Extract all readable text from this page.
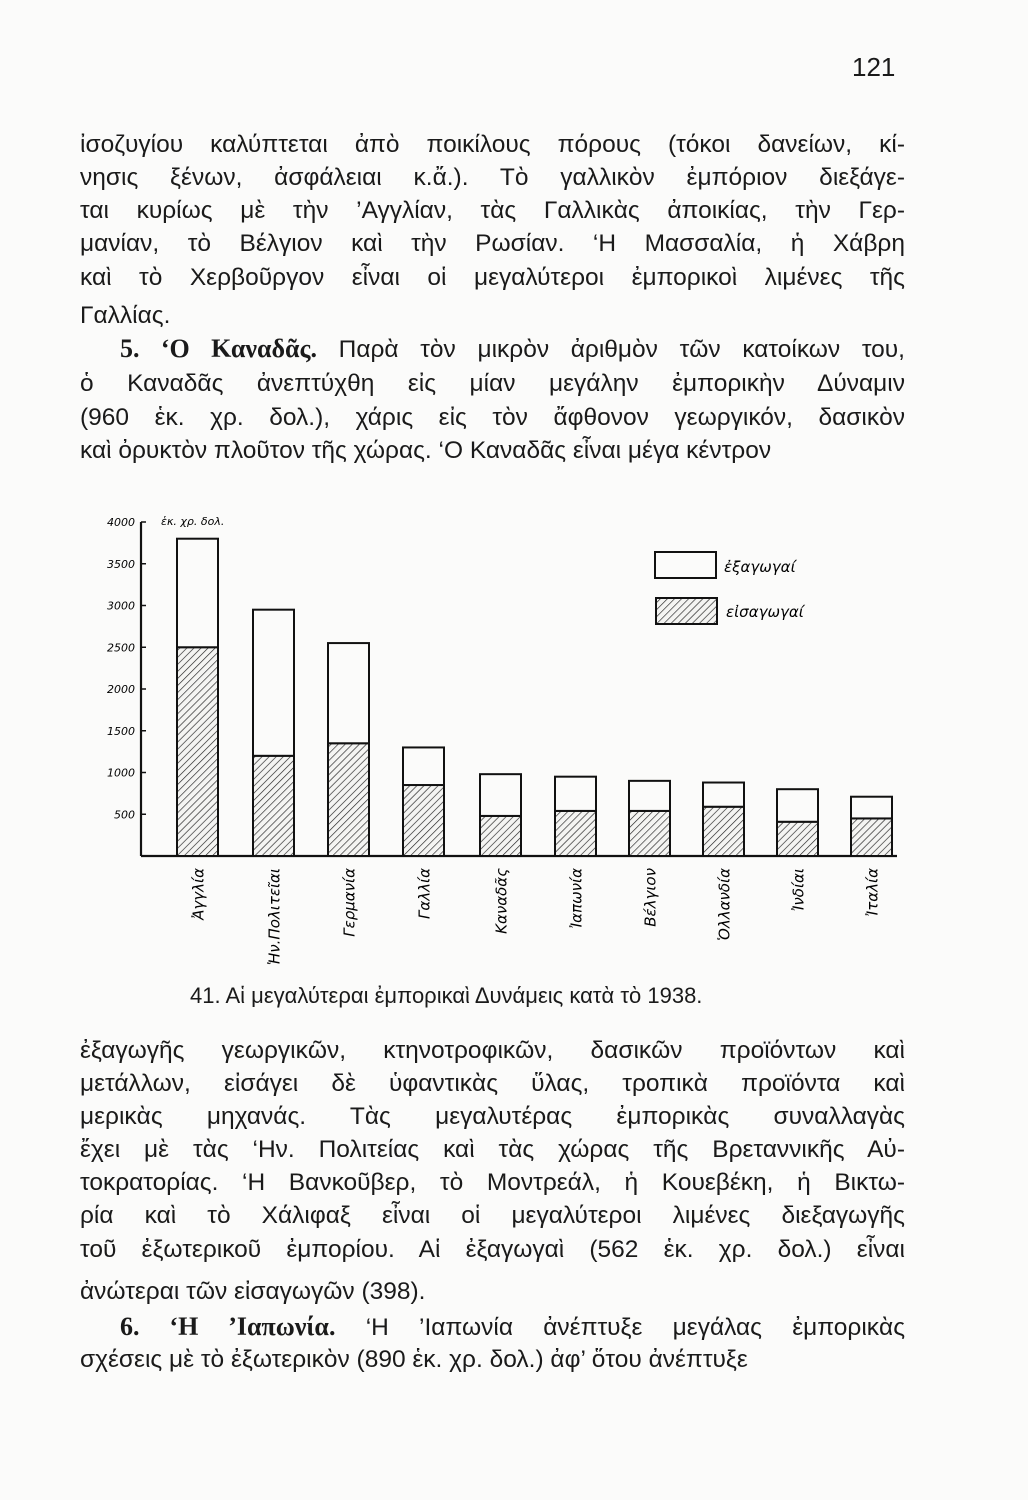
121
ἰσοζυγίου καλύπτεται ἀπὸ ποικίλους πόρους (τόκοι δανείων, κί-
νησις ξένων, ἀσφάλειαι κ.ἄ.). Τὸ γαλλικὸν ἐμπόριον διεξάγε-
ται κυρίως μὲ τὴν ’Αγγλίαν, τὰς Γαλλικὰς ἀποικίας, τὴν Γερ-
μανίαν, τὸ Βέλγιον καὶ τὴν Ρωσίαν. ‘Η Μασσαλία, ἡ Χάβρη
καὶ τὸ Χερβοῦργον εἶναι οἱ μεγαλύτεροι ἐμπορικοὶ λιμένες τῆς
Γαλλίας.
5. ‘Ο Καναδᾶς. Παρὰ τὸν μικρὸν ἀριθμὸν τῶν κατοίκων του,
ὁ Καναδᾶς ἀνεπτύχθη εἰς μίαν μεγάλην ἐμπορικὴν Δύναμιν
(960 ἑκ. χρ. δολ.), χάρις εἰς τὸν ἄφθονον γεωργικόν, δασικὸν
καὶ ὀρυκτὸν πλοῦτον τῆς χώρας. ‘Ο Καναδᾶς εἶναι μέγα κέντρον
500
1000
1500
2000
2500
3000
3500
4000 ἑκ. χρ. δολ.
Ἀγγλία	Ἡν.Πολιτεῖαι	Γερμανία	Γαλλία	Καναδᾶς	Ἰαπωνία	Βέλγιον	Ὁλλανδία	Ἰνδίαι	Ἰταλία
ἐξαγωγαί
εἰσαγωγαί
41. Αἱ μεγαλύτεραι ἐμπορικαὶ Δυνάμεις κατὰ τὸ 1938.
ἐξαγωγῆς γεωργικῶν, κτηνοτροφικῶν, δασικῶν προϊόντων καὶ
μετάλλων, εἰσάγει δὲ ὑφαντικὰς ὕλας, τροπικὰ προϊόντα καὶ
μερικὰς μηχανάς. Τὰς μεγαλυτέρας ἐμπορικὰς συναλλαγὰς
ἔχει μὲ τὰς ‘Ην. Πολιτείας καὶ τὰς χώρας τῆς Βρεταννικῆς Αὐ-
τοκρατορίας. ‘Η Βανκοῦβερ, τὸ Μοντρεάλ, ἡ Κουεβέκη, ἡ Βικτω-
ρία καὶ τὸ Χάλιφαξ εἶναι οἱ μεγαλύτεροι λιμένες διεξαγωγῆς
τοῦ ἐξωτερικοῦ ἐμπορίου. Αἱ ἐξαγωγαὶ (562 ἑκ. χρ. δολ.) εἶναι
ἀνώτεραι τῶν εἰσαγωγῶν (398).
6. ‘Η ’Ιαπωνία. ‘Η ’Ιαπωνία ἀνέπτυξε μεγάλας ἐμπορικὰς
σχέσεις μὲ τὸ ἐξωτερικὸν (890 ἑκ. χρ. δολ.) ἀφ’ ὅτου ἀνέπτυξε
